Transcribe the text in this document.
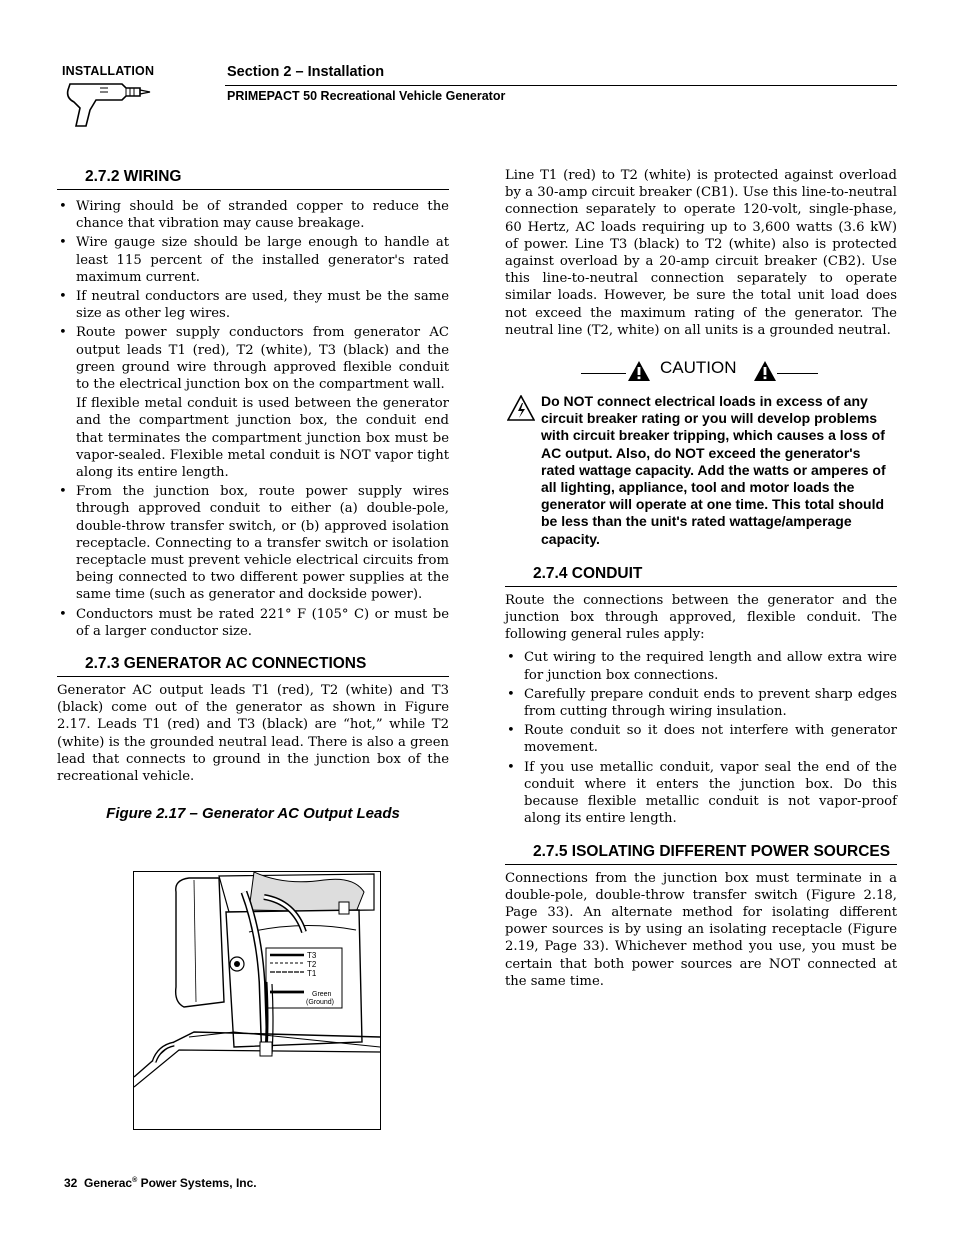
INSTALLATION	Section 2 – Installation
PRIMEPACT 50 Recreational Vehicle Generator
2.7.2 WIRING
• Wiring should be of stranded copper to reduce the chance that vibration may cause breakage.
• Wire gauge size should be large enough to handle at least 115 percent of the installed generator's rated maximum current.
• If neutral conductors are used, they must be the same size as other leg wires.
• Route power supply conductors from generator AC output leads T1 (red), T2 (white), T3 (black) and the green ground wire through approved flexible conduit to the electrical junction box on the compartment wall.
If flexible metal conduit is used between the generator and the compartment junction box, the conduit end that terminates the compartment junction box must be vapor-sealed. Flexible metal conduit is NOT vapor tight along its entire length.
• From the junction box, route power supply wires through approved conduit to either (a) double-pole, double-throw transfer switch, or (b) approved isolation receptacle. Connecting to a transfer switch or isolation receptacle must prevent vehicle electrical circuits from being connected to two different power supplies at the same time (such as generator and dockside power).
• Conductors must be rated 221° F (105° C) or must be of a larger conductor size.
2.7.3 GENERATOR AC CONNECTIONS

Generator AC output leads T1 (red), T2 (white) and T3 (black) come out of the generator as shown in Figure 2.17. Leads T1 (red) and T3 (black) are “hot,” while T2 (white) is the grounded neutral lead. There is also a green lead that connects to ground in the junction box of the recreational vehicle.

Figure 2.17 – Generator AC Output Leads
T3
T2
T1
Green
(Ground)

Line T1 (red) to T2 (white) is protected against overload by a 30-amp circuit breaker (CB1). Use this line-to-neutral connection separately to operate 120-volt, single-phase, 60 Hertz, AC loads requiring up to 3,600 watts (3.6 kW) of power. Line T3 (black) to T2 (white) also is protected against overload by a 20-amp circuit breaker (CB2). Use this line-to-neutral connection separately to operate similar loads. However, be sure the total unit load does not exceed the maximum rating of the generator. The neutral line (T2, white) on all units is a grounded neutral.

CAUTION
Do NOT connect electrical loads in excess of any circuit breaker rating or you will develop problems with circuit breaker tripping, which causes a loss of AC output. Also, do NOT exceed the generator's rated wattage capacity. Add the watts or amperes of all lighting, appliance, tool and motor loads the generator will operate at one time. This total should be less than the unit's rated wattage/amperage capacity.
2.7.4 CONDUIT

Route the connections between the generator and the junction box through approved, flexible conduit. The following general rules apply:

• Cut wiring to the required length and allow extra wire for junction box connections.
• Carefully prepare conduit ends to prevent sharp edges from cutting through wiring insulation.
• Route conduit so it does not interfere with generator movement.
• If you use metallic conduit, vapor seal the end of the conduit where it enters the junction box. Do this because flexible metallic conduit is not vapor-proof along its entire length.
2.7.5 ISOLATING DIFFERENT POWER SOURCES

Connections from the junction box must terminate in a double-pole, double-throw transfer switch (Figure 2.18, Page 33). An alternate method for isolating different power sources is by using an isolating receptacle (Figure 2.19, Page 33). Whichever method you use, you must be certain that both power sources are NOT connected at the same time.

32 Generac® Power Systems, Inc.
